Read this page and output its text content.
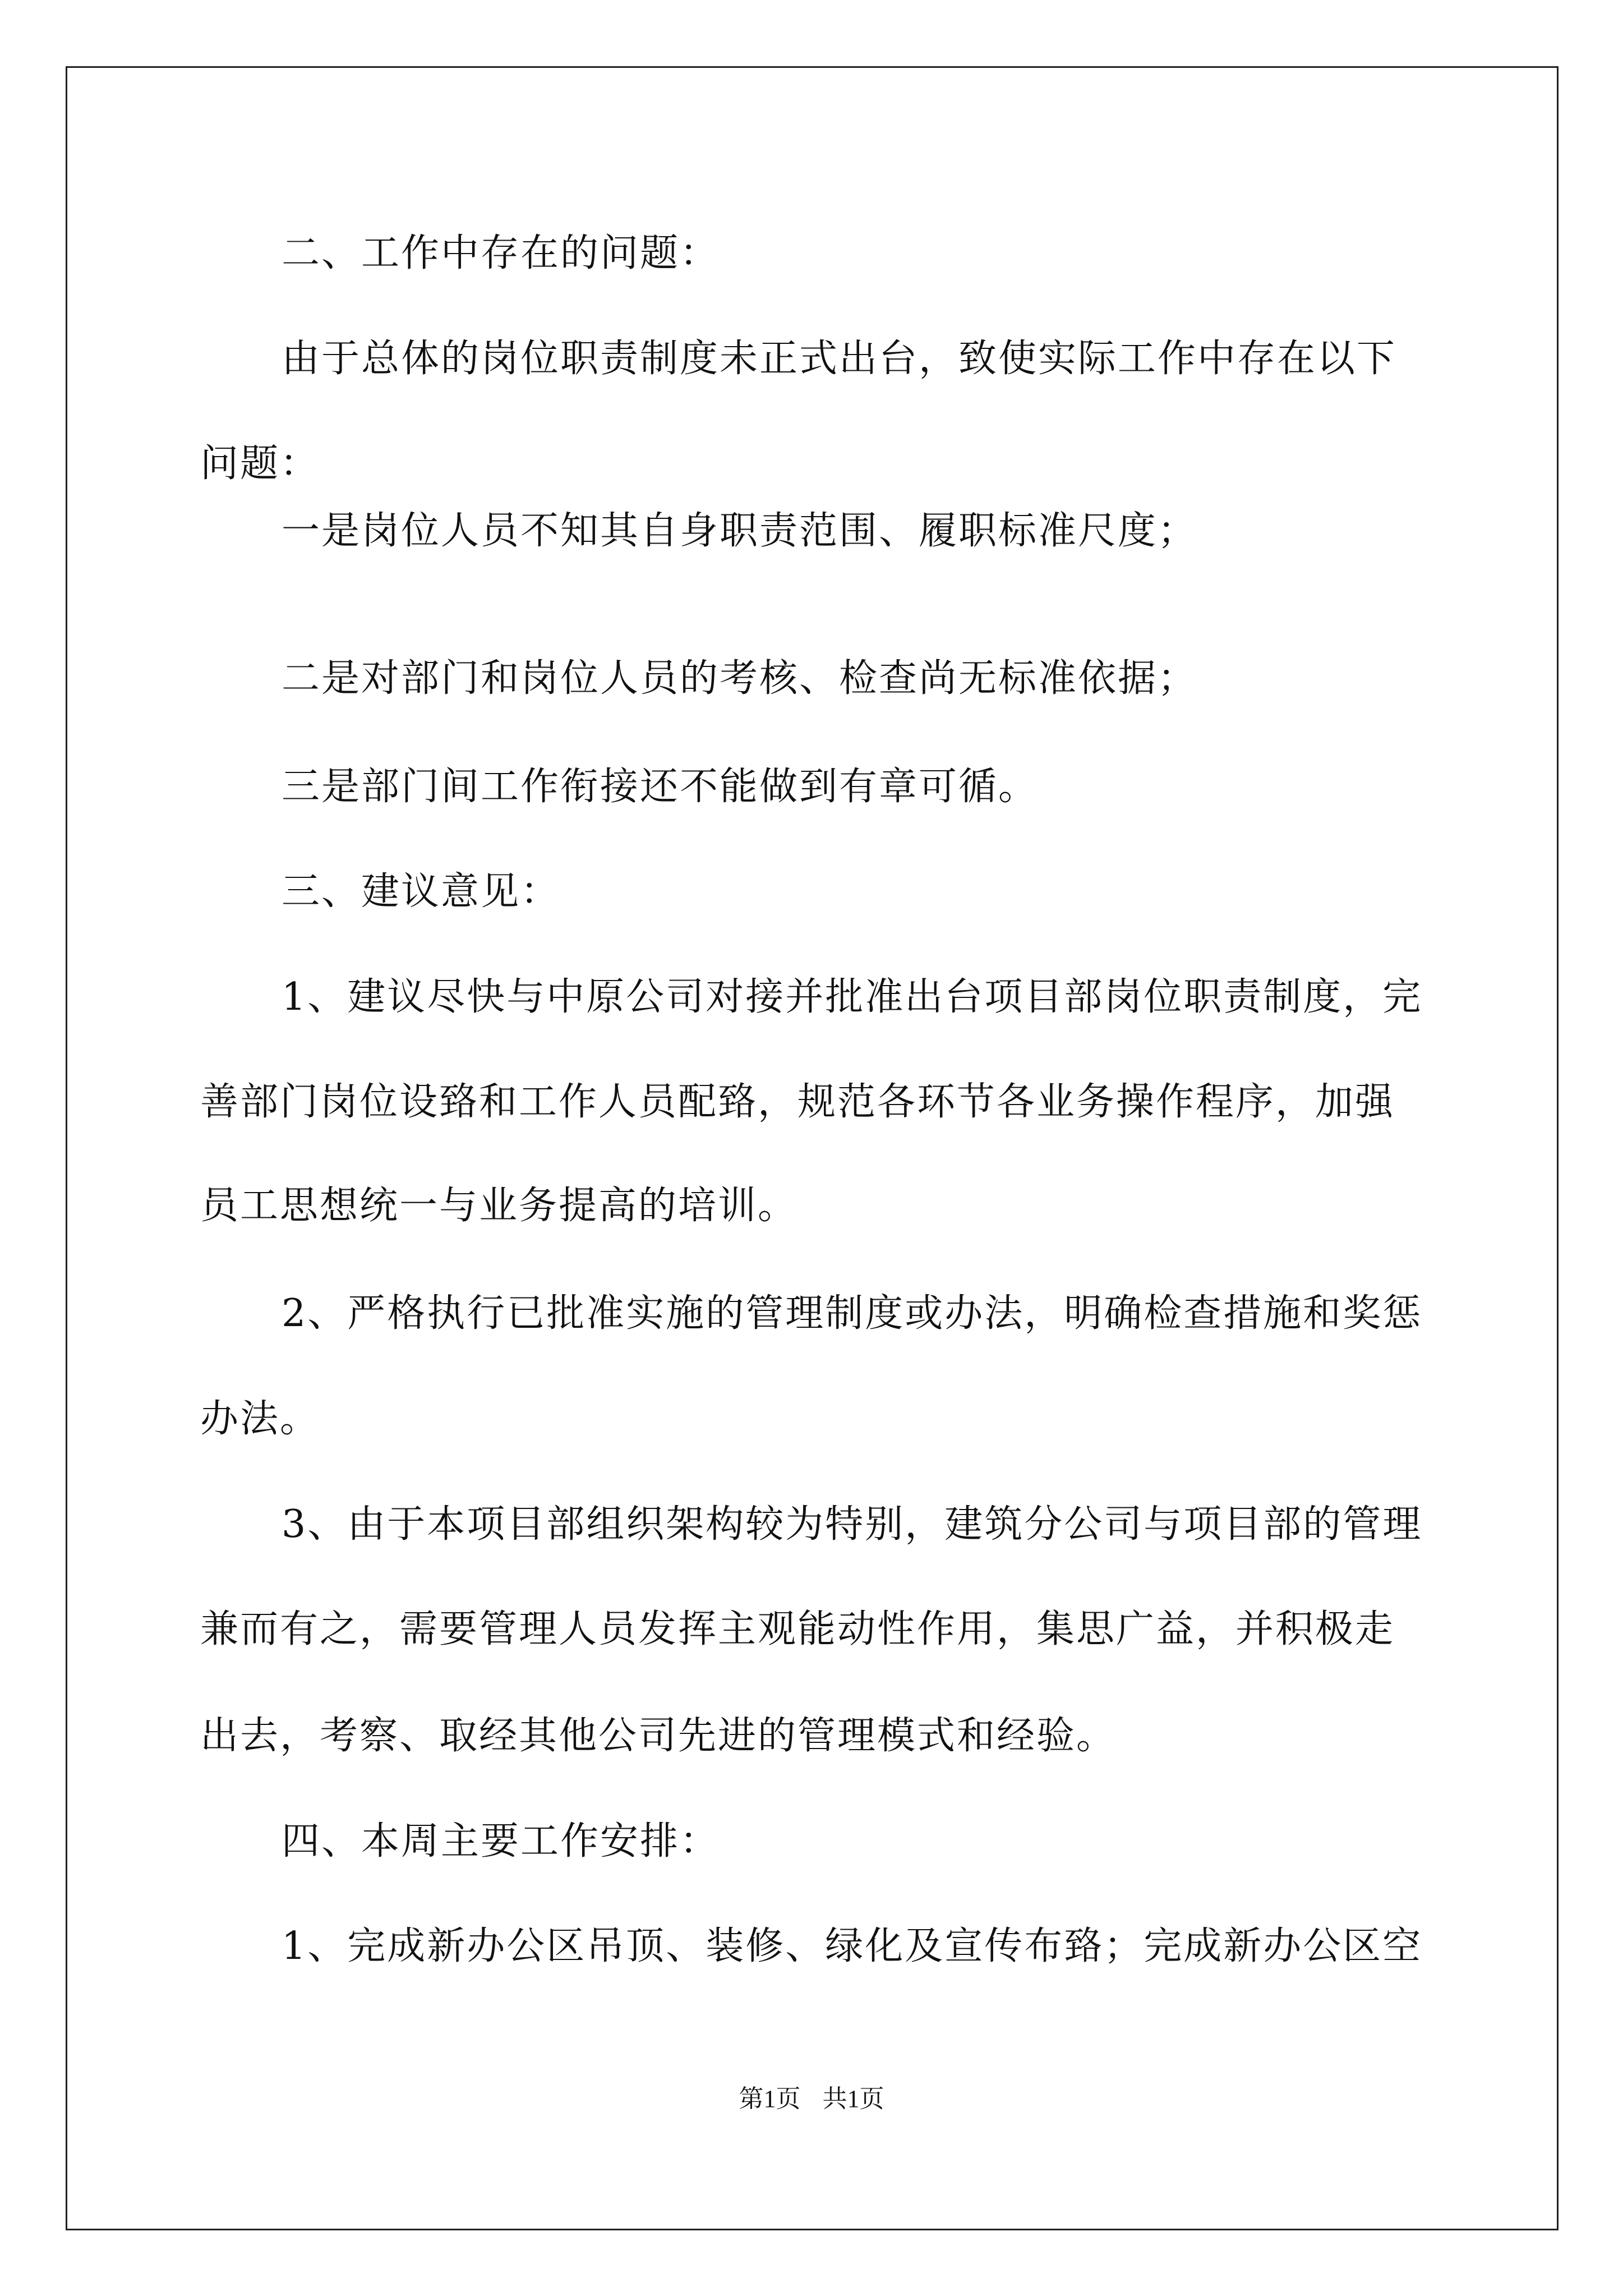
二、工作中存在的问题：
由于总体的岗位职责制度未正式出台，致使实际工作中存在以下
问题：
一是岗位人员不知其自身职责范围、履职标准尺度；
二是对部门和岗位人员的考核、检查尚无标准依据；
三是部门间工作衔接还不能做到有章可循。
三、建议意见：
1、建议尽快与中原公司对接并批准出台项目部岗位职责制度，完
善部门岗位设臵和工作人员配臵，规范各环节各业务操作程序，加强
员工思想统一与业务提高的培训。
2、严格执行已批准实施的管理制度或办法，明确检查措施和奖惩
办法。
3、由于本项目部组织架构较为特别，建筑分公司与项目部的管理
兼而有之，需要管理人员发挥主观能动性作用，集思广益，并积极走
出去，考察、取经其他公司先进的管理模式和经验。
四、本周主要工作安排：
1、完成新办公区吊顶、装修、绿化及宣传布臵；完成新办公区空
第1页 共1页
